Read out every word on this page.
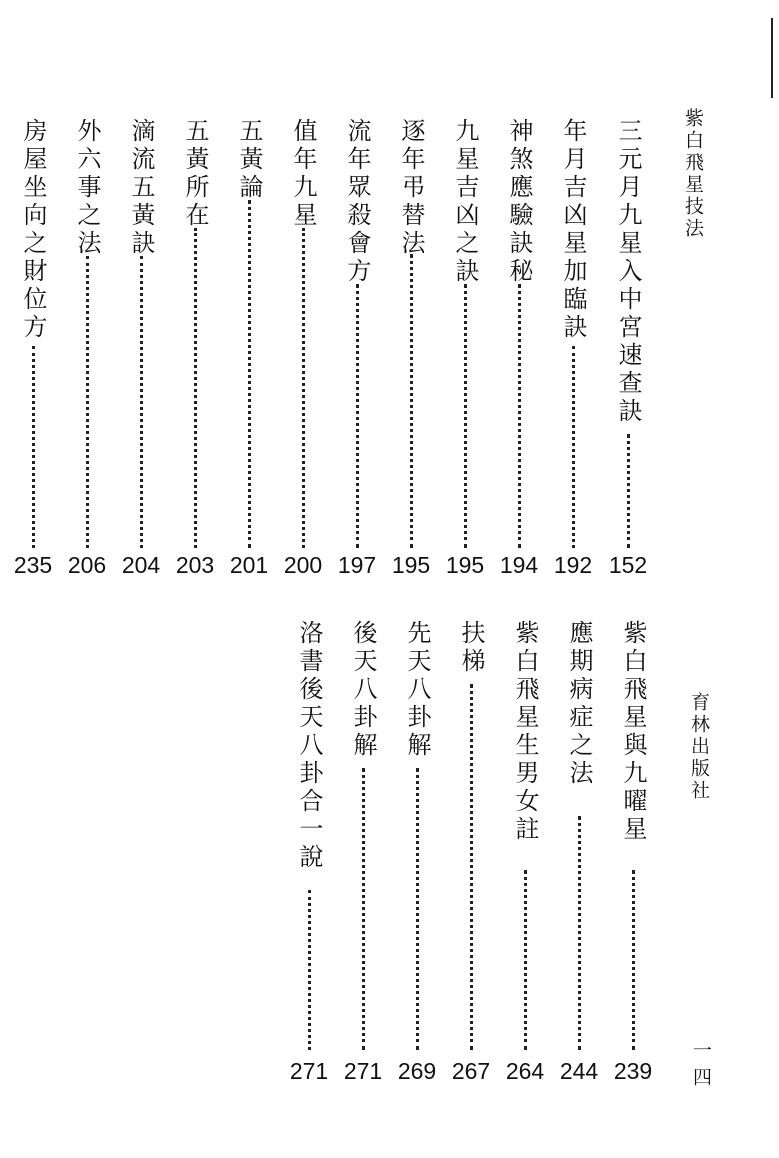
紫白飛星技法
育林出版社
一四
三元月九星入中宮速查訣
152
年月吉凶星加臨訣
192
神煞應驗訣秘
194
九星吉凶之訣
195
逐年弔替法
195
流年眾殺會方
197
值年九星
200
五黃論
201
五黃所在
203
滴流五黃訣
204
外六事之法
206
房屋坐向之財位方
235
紫白飛星與九曜星
239
應期病症之法
244
紫白飛星生男女註
264
扶梯
267
先天八卦解
269
後天八卦解
271
洛書後天八卦合一說
271
